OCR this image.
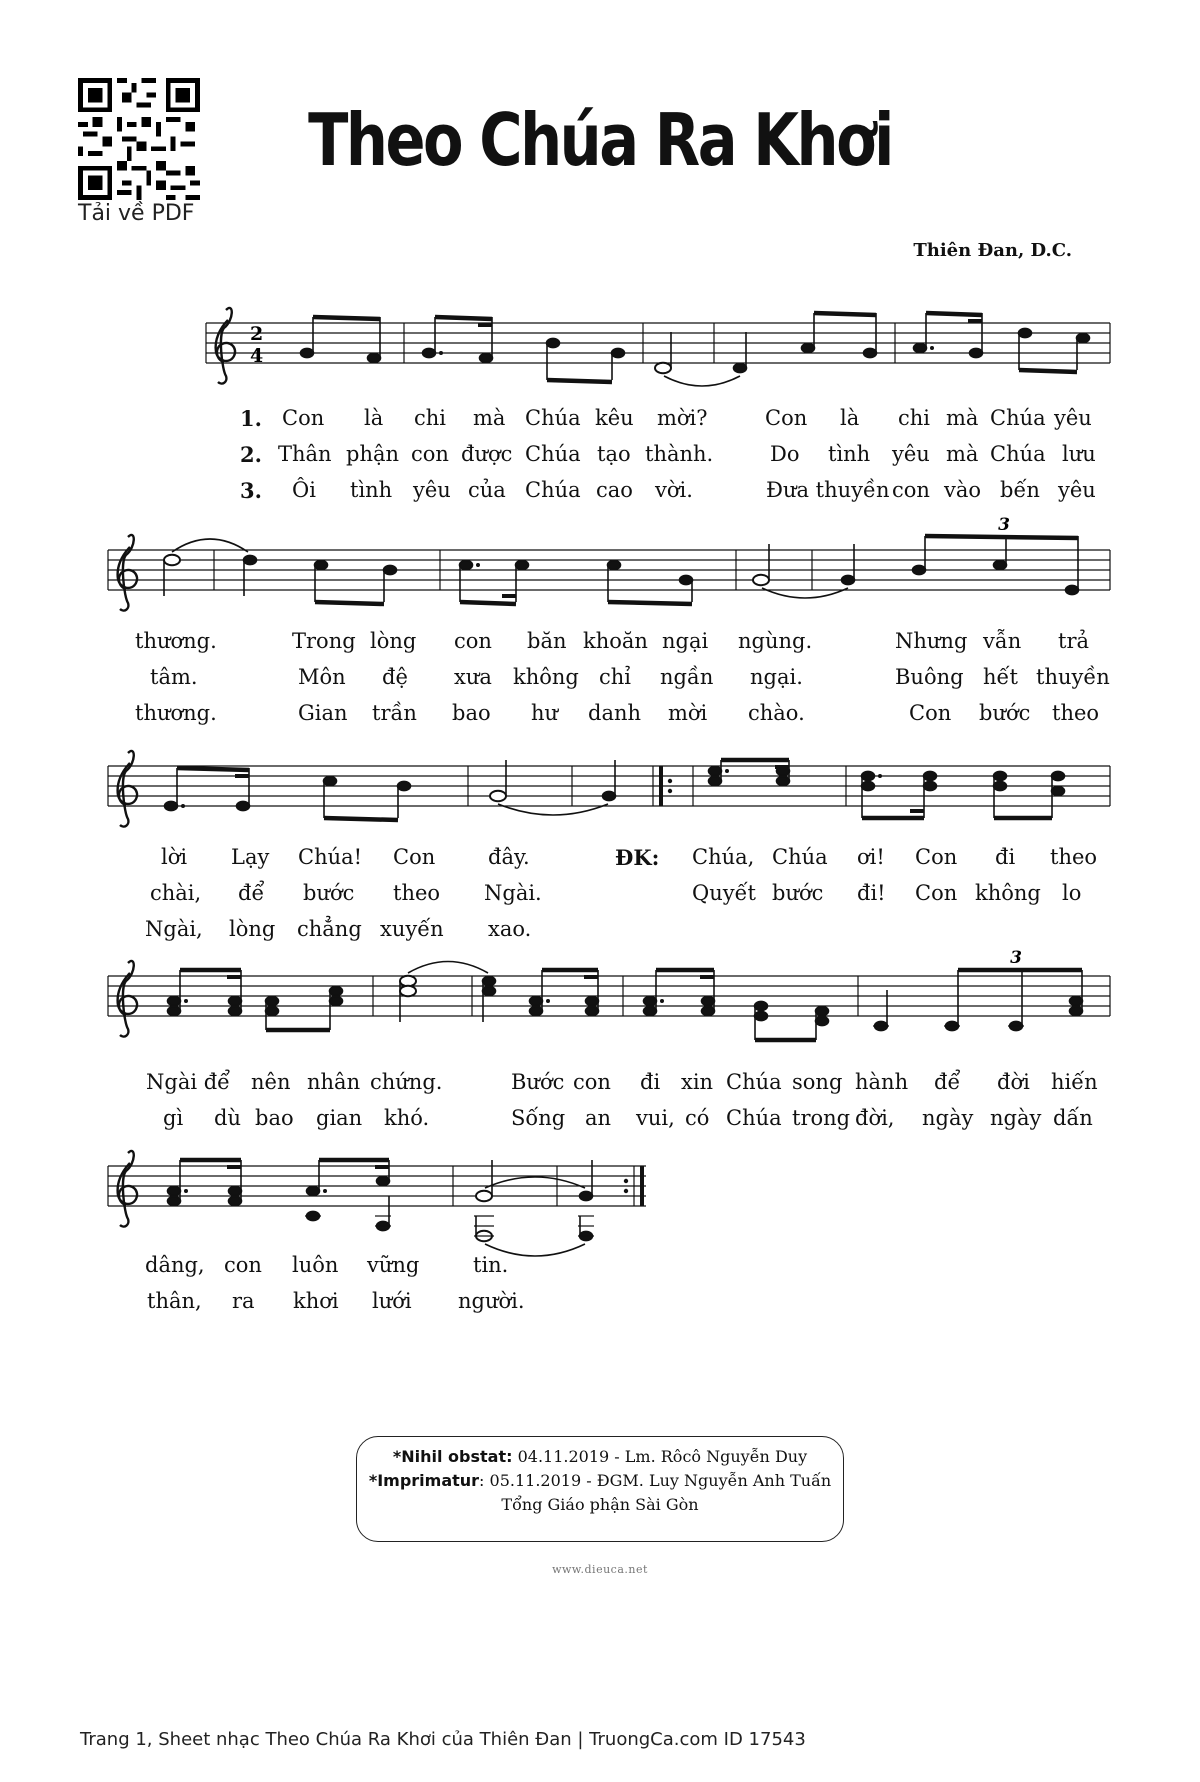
Tải về PDF
Theo Chúa Ra Khơi
Thiên Đan, D.C.
2
4
3
3
1.
2.
3.
Con là chi mà Chúa kêu mời?	Con là chi mà Chúa yêu
Thân phận con được Chúa tạo thành.	Do tình yêu mà Chúa lưu
Ôi tình yêu của Chúa cao vời.	Đưa thuyền con vào bến yêu
thương.	Trong lòng con băn khoăn ngại ngùng.	Nhưng vẫn trả
tâm.	Môn đệ xưa không chỉ ngần ngại.	Buông hết thuyền
thương.	Gian trần bao hư danh mời chào.	Con bước theo
ĐK:
lời Lạy Chúa! Con	đây.	Chúa, Chúa ơi! Con đi theo
chài, để bước theo Ngài.	Quyết bước đi! Con không lo
Ngài, lòng chẳng xuyến xao.
Ngài để nên nhân chứng.	Bước con đi xin Chúa song hành để đời hiến
gì dù bao gian khó.	Sống an vui, có Chúa trong đời, ngày ngày dấn
dâng, con luôn vững	tin.
thân, ra khơi lưới người.
*Nihil obstat: 04.11.2019 - Lm. Rôcô Nguyễn Duy
*Imprimatur: 05.11.2019 - ĐGM. Luy Nguyễn Anh Tuấn
Tổng Giáo phận Sài Gòn
www.dieuca.net
Trang 1, Sheet nhạc Theo Chúa Ra Khơi của Thiên Đan | TruongCa.com ID 17543
